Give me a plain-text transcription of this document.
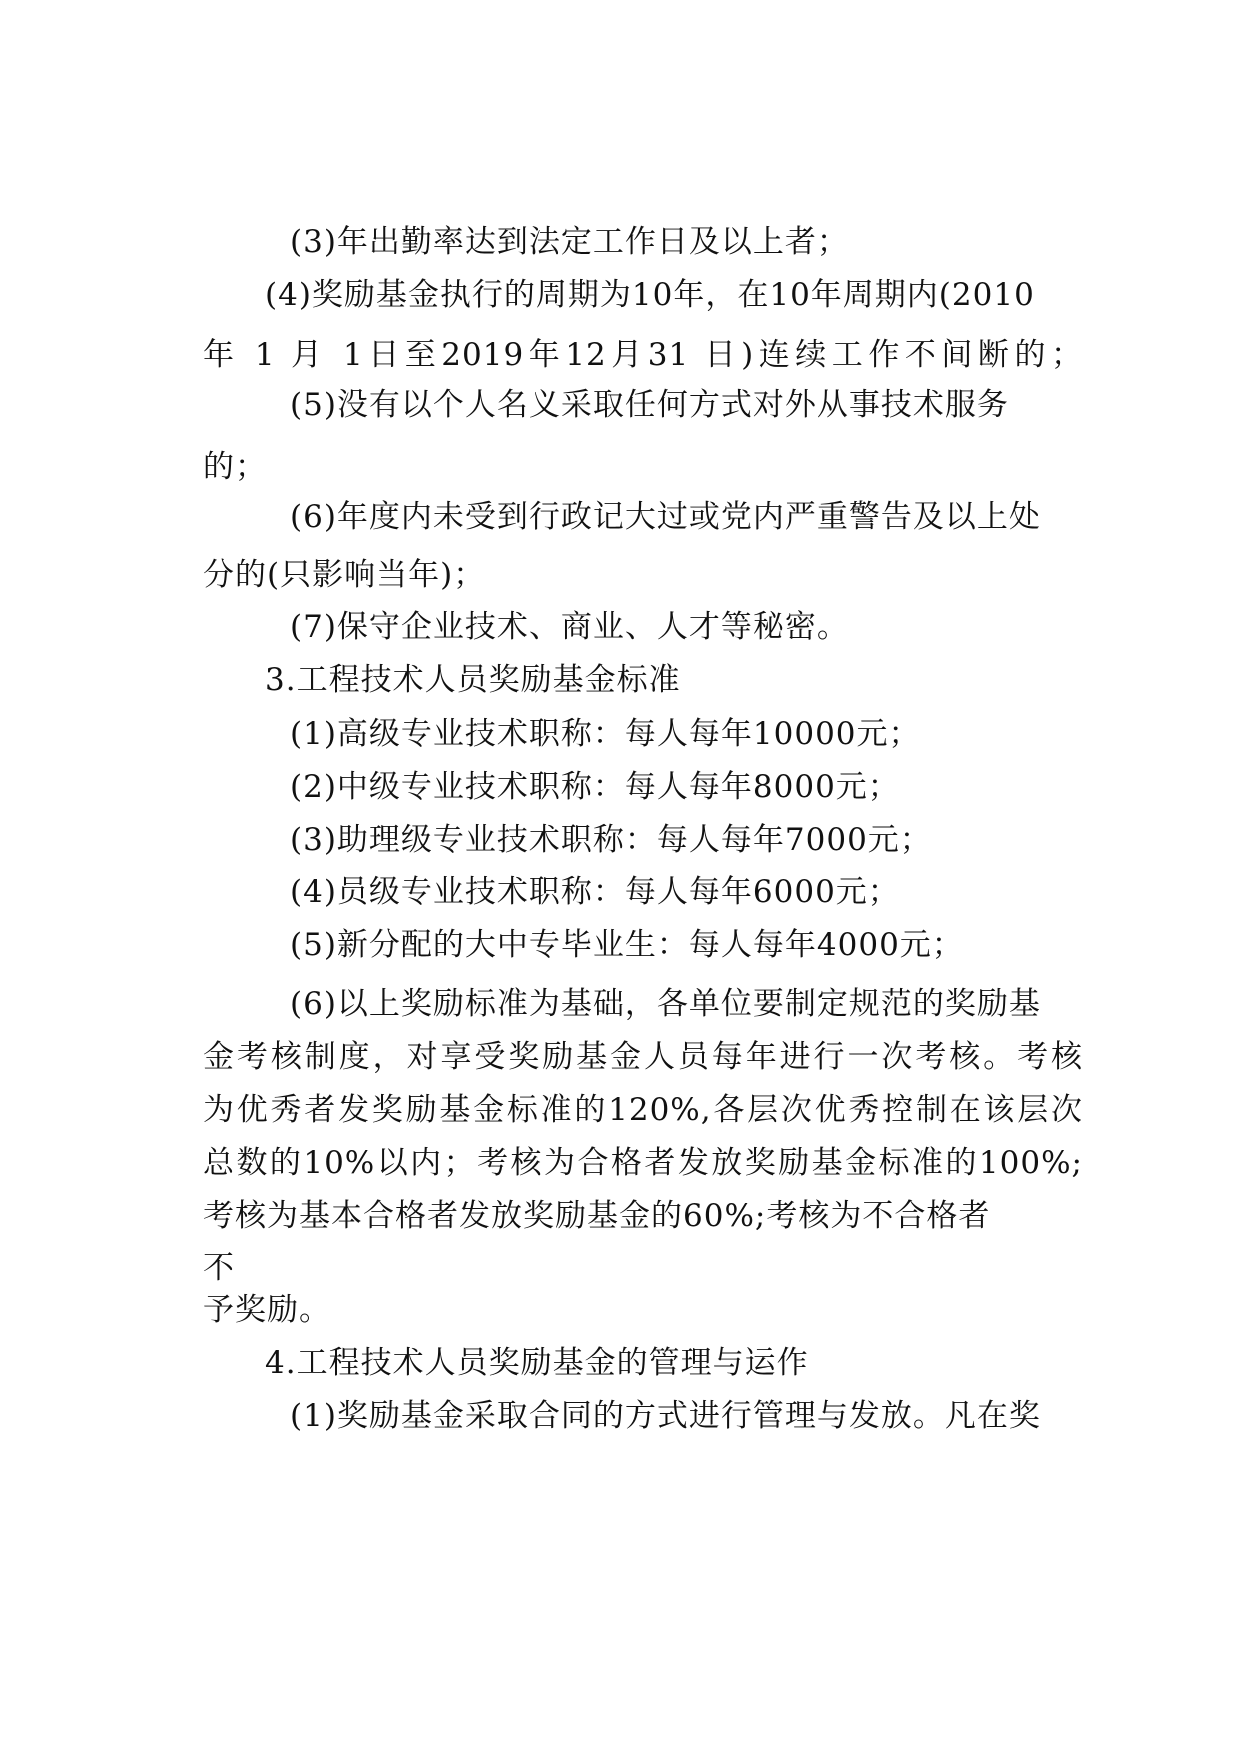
(3)年出勤率达到法定工作日及以上者；
(4)奖励基金执行的周期为10年，在10年周期内(2010
年 1 月 1日至2019年12月31 日)连续工作不间断的；
(5)没有以个人名义采取任何方式对外从事技术服务
的；
(6)年度内未受到行政记大过或党内严重警告及以上处
分的(只影响当年)；
(7)保守企业技术、商业、人才等秘密。
3.工程技术人员奖励基金标准
(1)高级专业技术职称：每人每年10000元；
(2)中级专业技术职称：每人每年8000元；
(3)助理级专业技术职称：每人每年7000元；
(4)员级专业技术职称：每人每年6000元；
(5)新分配的大中专毕业生：每人每年4000元；
(6)以上奖励标准为基础，各单位要制定规范的奖励基
金考核制度，对享受奖励基金人员每年进行一次考核。考核
为优秀者发奖励基金标准的120%,各层次优秀控制在该层次
总数的10%以内；考核为合格者发放奖励基金标准的100%;
考核为基本合格者发放奖励基金的60%;考核为不合格者
不
予奖励。
4.工程技术人员奖励基金的管理与运作
(1)奖励基金采取合同的方式进行管理与发放。凡在奖
